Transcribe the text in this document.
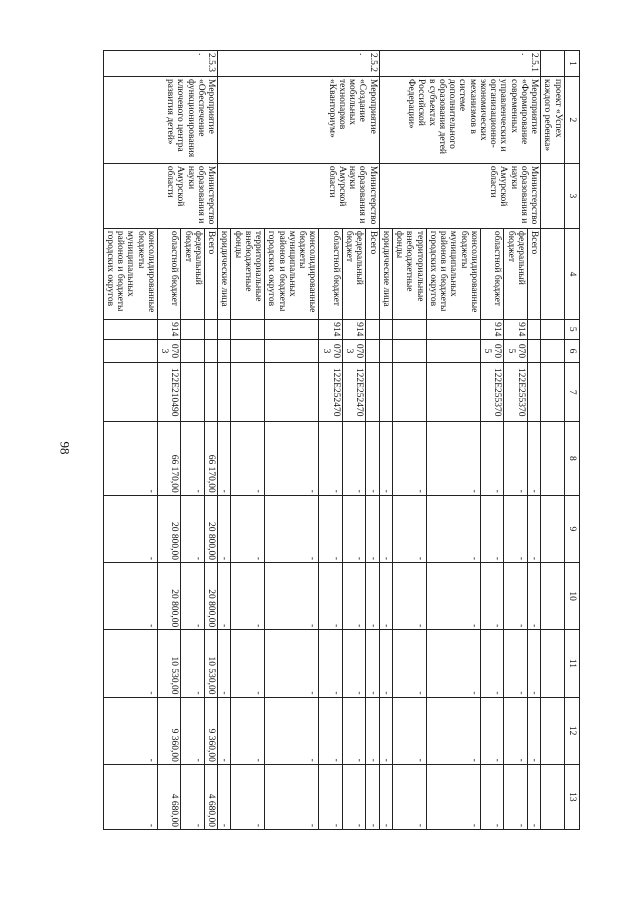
98
1	2	3	4	5	6	7	8	9	10	11	12	13
	проект «Успех каждого ребенка»											
2.5.1.	Мероприятие «Формирование современных управленческих и организационно-экономических механизмов в системе дополнительного образования детей в субъектах Российской Федерации»	Министерство образования и науки Амурской области	Всего				-	-	-	-	-	-
			федеральный бюджет	914	0705	122E255370	-	-	-	-	-	-
			областной бюджет	914	0705	122E255370	-	-	-	-	-	-
			консолидированные бюджеты муниципальных районов и бюджеты городских округов				-	-	-	-	-	-
			территориальные внебюджетные фонды				-	-	-	-	-	-
			юридические лица				-	-	-	-	-	-
2.5.2.	Мероприятие «Создание мобильных технопарков «Кванториум»	Министерство образования и науки Амурской области	Всего				-	-	-	-	-	-
			федеральный бюджет	914	0703	122E252470	-	-	-	-	-	-
			областной бюджет	914	0703	122E252470	-	-	-	-	-	-
			консолидированные бюджеты муниципальных районов и бюджеты городских округов				-	-	-	-	-	-
			территориальные внебюджетные фонды				-	-	-	-	-	-
			юридические лица				-	-	-	-	-	-
2.5.3.	Мероприятие «Обеспечение функционирования ключевого центра развития детей»	Министерство образования и науки Амурской области	Всего				66 170,00	20 800,00	20 800,00	10 530,00	9 360,00	4 680,00
			федеральный бюджет				-	-	-	-	-	-
			областной бюджет	914	0703	122E210490	66 170,00	20 800,00	20 800,00	10 530,00	9 360,00	4 680,00
			консолидированные бюджеты муниципальных районов и бюджеты городских округов				-	-	-	-	-	-
